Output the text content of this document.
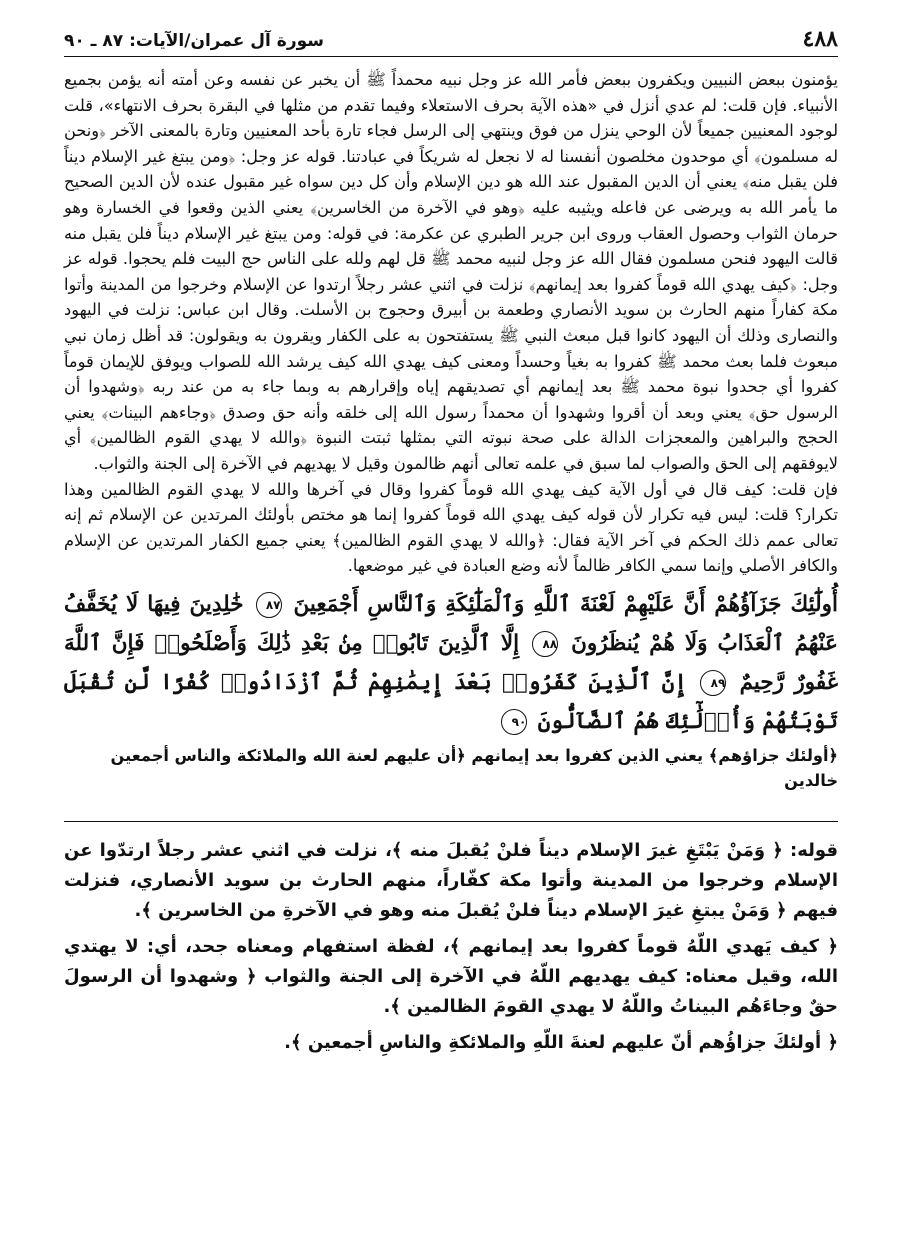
٤٨٨
سورة آل عمران/الآيات: ٨٧ ـ ٩٠

يؤمنون ببعض النبيين ويكفرون ببعض فأمر الله عز وجل نبيه محمداً ﷺ أن يخبر عن نفسه وعن أمته أنه يؤمن بجميع الأنبياء. فإن قلت: لم عدي أنزل في «هذه الآية بحرف الاستعلاء وفيما تقدم من مثلها في البقرة بحرف الانتهاء»، قلت لوجود المعنيين جميعاً لأن الوحي ينزل من فوق وينتهي إلى الرسل فجاء تارة بأحد المعنيين وتارة بالمعنى الآخر ﴿ونحن له مسلمون﴾ أي موحدون مخلصون أنفسنا له لا نجعل له شريكاً في عبادتنا. قوله عز وجل: ﴿ومن يبتغ غير الإسلام ديناً فلن يقبل منه﴾ يعني أن الدين المقبول عند الله هو دين الإسلام وأن كل دين سواه غير مقبول عنده لأن الدين الصحيح ما يأمر الله به ويرضى عن فاعله ويثيبه عليه ﴿وهو في الآخرة من الخاسرين﴾ يعني الذين وقعوا في الخسارة وهو حرمان الثواب وحصول العقاب وروى ابن جرير الطبري عن عكرمة: في قوله: ومن يبتغ غير الإسلام ديناً فلن يقبل منه قالت اليهود فنحن مسلمون فقال الله عز وجل لنبيه محمد ﷺ قل لهم ولله على الناس حج البيت فلم يحجوا. قوله عز وجل: ﴿كيف يهدي الله قوماً كفروا بعد إيمانهم﴾ نزلت في اثني عشر رجلاً ارتدوا عن الإسلام وخرجوا من المدينة وأتوا مكة كفاراً منهم الحارث بن سويد الأنصاري وطعمة بن أبيرق وحجوج بن الأسلت. وقال ابن عباس: نزلت في اليهود والنصارى وذلك أن اليهود كانوا قبل مبعث النبي ﷺ يستفتحون به على الكفار ويقرون به ويقولون: قد أظل زمان نبي مبعوث فلما بعث محمد ﷺ كفروا به بغياً وحسداً ومعنى كيف يهدي الله كيف يرشد الله للصواب ويوفق للإيمان قوماً كفروا أي جحدوا نبوة محمد ﷺ بعد إيمانهم أي تصديقهم إياه وإقرارهم به وبما جاء به من عند ربه ﴿وشهدوا أن الرسول حق﴾ يعني وبعد أن أقروا وشهدوا أن محمداً رسول الله إلى خلقه وأنه حق وصدق ﴿وجاءهم البينات﴾ يعني الحجج والبراهين والمعجزات الدالة على صحة نبوته التي بمثلها ثبتت النبوة ﴿والله لا يهدي القوم الظالمين﴾ أي لايوفقهم إلى الحق والصواب لما سبق في علمه تعالى أنهم ظالمون وقيل لا يهديهم في الآخرة إلى الجنة والثواب.

فإن قلت: كيف قال في أول الآية كيف يهدي الله قوماً كفروا وقال في آخرها والله لا يهدي القوم الظالمين وهذا تكرار؟ قلت: ليس فيه تكرار لأن قوله كيف يهدي الله قوماً كفروا إنما هو مختص بأولئك المرتدين عن الإسلام ثم إنه تعالى عمم ذلك الحكم في آخر الآية فقال: ﴿والله لا يهدي القوم الظالمين﴾ يعني جميع الكفار المرتدين عن الإسلام والكافر الأصلي وإنما سمي الكافر ظالماً لأنه وضع العبادة في غير موضعها.

أُولَٰٓئِكَ جَزَآؤُهُمْ أَنَّ عَلَيْهِمْ لَعْنَةَ ٱللَّهِ وَٱلْمَلَٰٓئِكَةِ وَٱلنَّاسِ أَجْمَعِينَ ٨٧ خَٰلِدِينَ فِيهَا لَا يُخَفَّفُ عَنْهُمُ ٱلْعَذَابُ وَلَا هُمْ يُنظَرُونَ ٨٨ إِلَّا ٱلَّذِينَ تَابُوا۟ مِنۢ بَعْدِ ذَٰلِكَ وَأَصْلَحُوا۟ فَإِنَّ ٱللَّهَ غَفُورٌ رَّحِيمٌ ٨٩ إِنَّ ٱلَّذِينَ كَفَرُوا۟ بَعْدَ إِيمَٰنِهِمْ ثُمَّ ٱزْدَادُوا۟ كُفْرًا لَّن تُقْبَلَ تَوْبَتُهُمْ وَأُو۟لَٰٓئِكَ هُمُ ٱلضَّآلُّونَ ٩٠
﴿أولئك جزاؤهم﴾ يعني الذين كفروا بعد إيمانهم ﴿أن عليهم لعنة الله والملائكة والناس أجمعين خالدين

قوله: ﴿ وَمَنْ يَبْتَغِ غيرَ الإسلام ديناً فلنْ يُقبلَ منه ﴾، نزلت في اثني عشر رجلاً ارتدّوا عن الإسلام وخرجوا من المدينة وأتوا مكة كفّاراً، منهم الحارث بن سويد الأنصاري، فنزلت فيهم ﴿ وَمَنْ يبتغِ غيرَ الإسلام ديناً فلنْ يُقبلَ منه وهو في الآخرةِ من الخاسرين ﴾.

﴿ كيف يَهدي اللّهُ قوماً كفروا بعد إيمانهم ﴾، لفظة استفهام ومعناه جحد، أي: لا يهتدي الله، وقيل معناه: كيف يهديهم اللّهُ في الآخرة إلى الجنة والثواب ﴿ وشهدوا أن الرسولَ حقٌ وجاءَهُم البيناتُ واللّهُ لا يهدي القومَ الظالمين ﴾.

﴿ أولئكَ جزاؤُهم أنّ عليهم لعنةَ اللّهِ والملائكةِ والناسِ أجمعين ﴾.
